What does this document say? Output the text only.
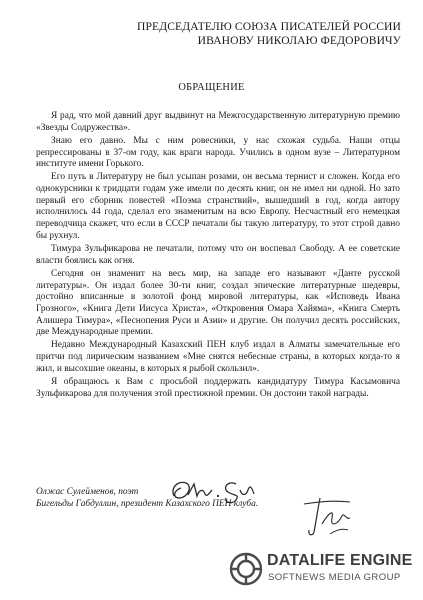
ПРЕДСЕДАТЕЛЮ СОЮЗА ПИСАТЕЛЕЙ РОССИИ
ИВАНОВУ НИКОЛАЮ ФЕДОРОВИЧУ
ОБРАЩЕНИЕ

Я рад, что мой давний друг выдвинут на Межгосударственную литературную премию «Звезды Содружества».

Знаю его давно. Мы с ним ровесники, у нас схожая судьба. Наши отцы репрессированы в 37-ом году, как враги народа. Учились в одном вузе – Литературном институте имени Горького.

Его путь в Литературу не был усыпан розами, он весьма тернист и сложен. Когда его однокурсники к тридцати годам уже имели по десять книг, он не имел ни одной. Но зато первый его сборник повестей «Поэма странствий», вышедший в год, когда автору исполнилось 44 года, сделал его знаменитым на всю Европу. Несчастный его немецкая переводчица скажет, что если в СССР печатали бы такую литературу, то этот строй давно бы рухнул.

Тимура Зульфикарова не печатали, потому что он воспевал Свободу. А ее советские власти боялись как огня.

Сегодня он знаменит на весь мир, на западе его называют «Данте русской литературы». Он издал более 30-ти книг, создал эпические литературные шедевры, достойно вписанные в золотой фонд мировой литературы, как «Исповедь Ивана Грозного», «Книга Дети Иисуса Христа», «Откровения Омара Хайяма», «Книга Смерть Алишера Тимура», «Песнопения Руси и Азии» и другие. Он получил десять российских, две Международные премии.

Недавно Международный Казахский ПЕН клуб издал в Алматы замечательные его притчи под лирическим названием «Мне снятся небесные страны, в которых когда-то я жил, и высохшие океаны, в которых я рыбой скользил».

Я обращаюсь к Вам с просьбой поддержать кандидатуру Тимура Касымовича Зульфикарова для получения этой престижной премии. Он достоин такой награды.

Олжас Сулейменов, поэт
Бигельды Габдуллин, президент Казахского ПЕН клуба.
DATALIFE ENGINE
SOFTNEWS MEDIA GROUP
